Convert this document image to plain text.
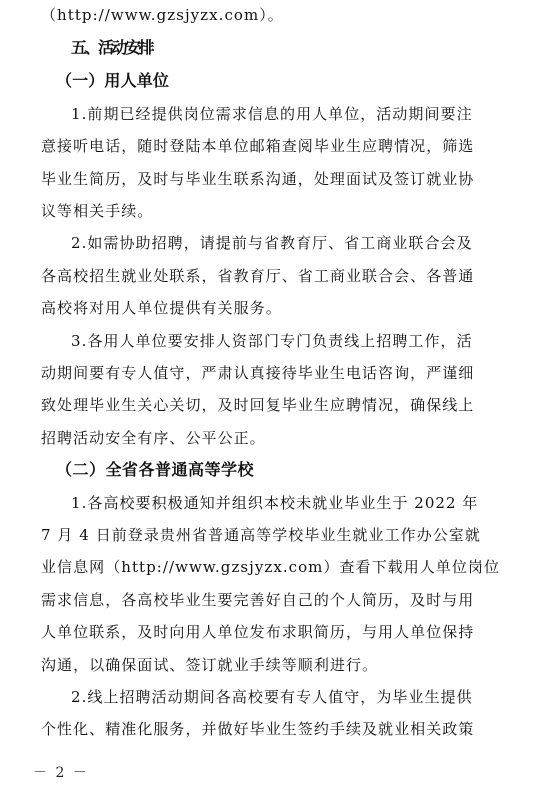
（http://www.gzsjyzx.com）。
五、活动安排
（一）用人单位
1.前期已经提供岗位需求信息的用人单位，活动期间要注
意接听电话，随时登陆本单位邮箱查阅毕业生应聘情况，筛选
毕业生简历，及时与毕业生联系沟通，处理面试及签订就业协
议等相关手续。
2.如需协助招聘，请提前与省教育厅、省工商业联合会及
各高校招生就业处联系，省教育厅、省工商业联合会、各普通
高校将对用人单位提供有关服务。
3.各用人单位要安排人资部门专门负责线上招聘工作，活
动期间要有专人值守，严肃认真接待毕业生电话咨询，严谨细
致处理毕业生关心关切，及时回复毕业生应聘情况，确保线上
招聘活动安全有序、公平公正。
（二）全省各普通高等学校
1.各高校要积极通知并组织本校未就业毕业生于 2022 年
7 月 4 日前登录贵州省普通高等学校毕业生就业工作办公室就
业信息网（http://www.gzsjyzx.com）查看下载用人单位岗位
需求信息，各高校毕业生要完善好自己的个人简历，及时与用
人单位联系，及时向用人单位发布求职简历，与用人单位保持
沟通，以确保面试、签订就业手续等顺利进行。
2.线上招聘活动期间各高校要有专人值守，为毕业生提供
个性化、精准化服务，并做好毕业生签约手续及就业相关政策
－ 2 －
